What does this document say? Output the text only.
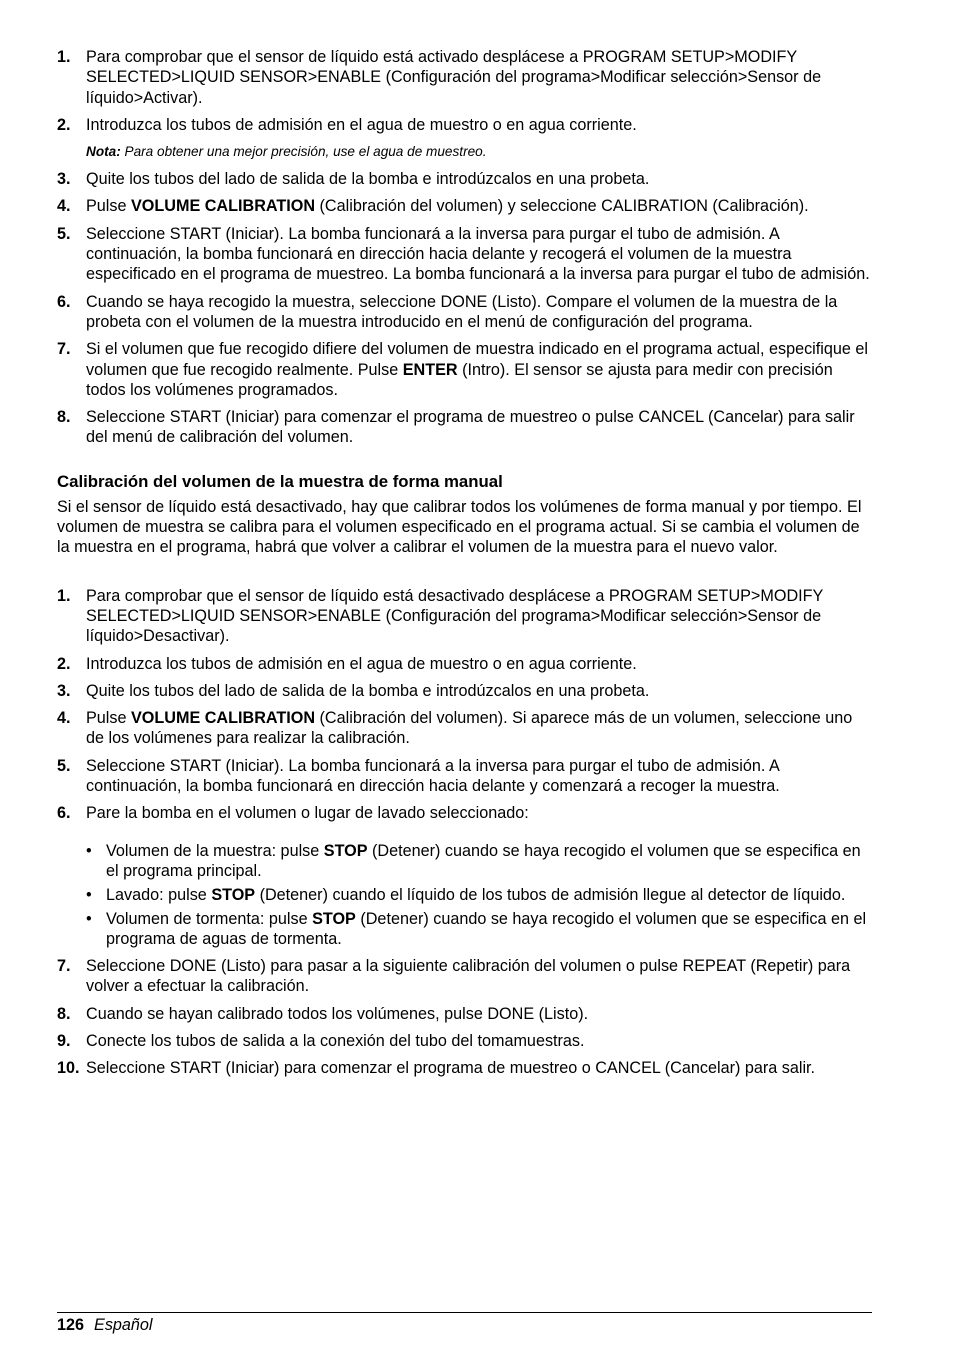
1. Para comprobar que el sensor de líquido está activado desplácese a PROGRAM SETUP>MODIFY SELECTED>LIQUID SENSOR>ENABLE (Configuración del programa>Modificar selección>Sensor de líquido>Activar).
2. Introduzca los tubos de admisión en el agua de muestro o en agua corriente.
Nota: Para obtener una mejor precisión, use el agua de muestreo.
3. Quite los tubos del lado de salida de la bomba e introdúzcalos en una probeta.
4. Pulse VOLUME CALIBRATION (Calibración del volumen) y seleccione CALIBRATION (Calibración).
5. Seleccione START (Iniciar). La bomba funcionará a la inversa para purgar el tubo de admisión. A continuación, la bomba funcionará en dirección hacia delante y recogerá el volumen de la muestra especificado en el programa de muestreo. La bomba funcionará a la inversa para purgar el tubo de admisión.
6. Cuando se haya recogido la muestra, seleccione DONE (Listo). Compare el volumen de la muestra de la probeta con el volumen de la muestra introducido en el menú de configuración del programa.
7. Si el volumen que fue recogido difiere del volumen de muestra indicado en el programa actual, especifique el volumen que fue recogido realmente. Pulse ENTER (Intro). El sensor se ajusta para medir con precisión todos los volúmenes programados.
8. Seleccione START (Iniciar) para comenzar el programa de muestreo o pulse CANCEL (Cancelar) para salir del menú de calibración del volumen.
Calibración del volumen de la muestra de forma manual

Si el sensor de líquido está desactivado, hay que calibrar todos los volúmenes de forma manual y por tiempo. El volumen de muestra se calibra para el volumen especificado en el programa actual. Si se cambia el volumen de la muestra en el programa, habrá que volver a calibrar el volumen de la muestra para el nuevo valor.

1. Para comprobar que el sensor de líquido está desactivado desplácese a PROGRAM SETUP>MODIFY SELECTED>LIQUID SENSOR>ENABLE (Configuración del programa>Modificar selección>Sensor de líquido>Desactivar).
2. Introduzca los tubos de admisión en el agua de muestro o en agua corriente.
3. Quite los tubos del lado de salida de la bomba e introdúzcalos en una probeta.
4. Pulse VOLUME CALIBRATION (Calibración del volumen). Si aparece más de un volumen, seleccione uno de los volúmenes para realizar la calibración.
5. Seleccione START (Iniciar). La bomba funcionará a la inversa para purgar el tubo de admisión. A continuación, la bomba funcionará en dirección hacia delante y comenzará a recoger la muestra.
6. Pare la bomba en el volumen o lugar de lavado seleccionado:
• Volumen de la muestra: pulse STOP (Detener) cuando se haya recogido el volumen que se especifica en el programa principal.
• Lavado: pulse STOP (Detener) cuando el líquido de los tubos de admisión llegue al detector de líquido.
• Volumen de tormenta: pulse STOP (Detener) cuando se haya recogido el volumen que se especifica en el programa de aguas de tormenta.
7. Seleccione DONE (Listo) para pasar a la siguiente calibración del volumen o pulse REPEAT (Repetir) para volver a efectuar la calibración.
8. Cuando se hayan calibrado todos los volúmenes, pulse DONE (Listo).
9. Conecte los tubos de salida a la conexión del tubo del tomamuestras.
10. Seleccione START (Iniciar) para comenzar el programa de muestreo o CANCEL (Cancelar) para salir.
126 Español
